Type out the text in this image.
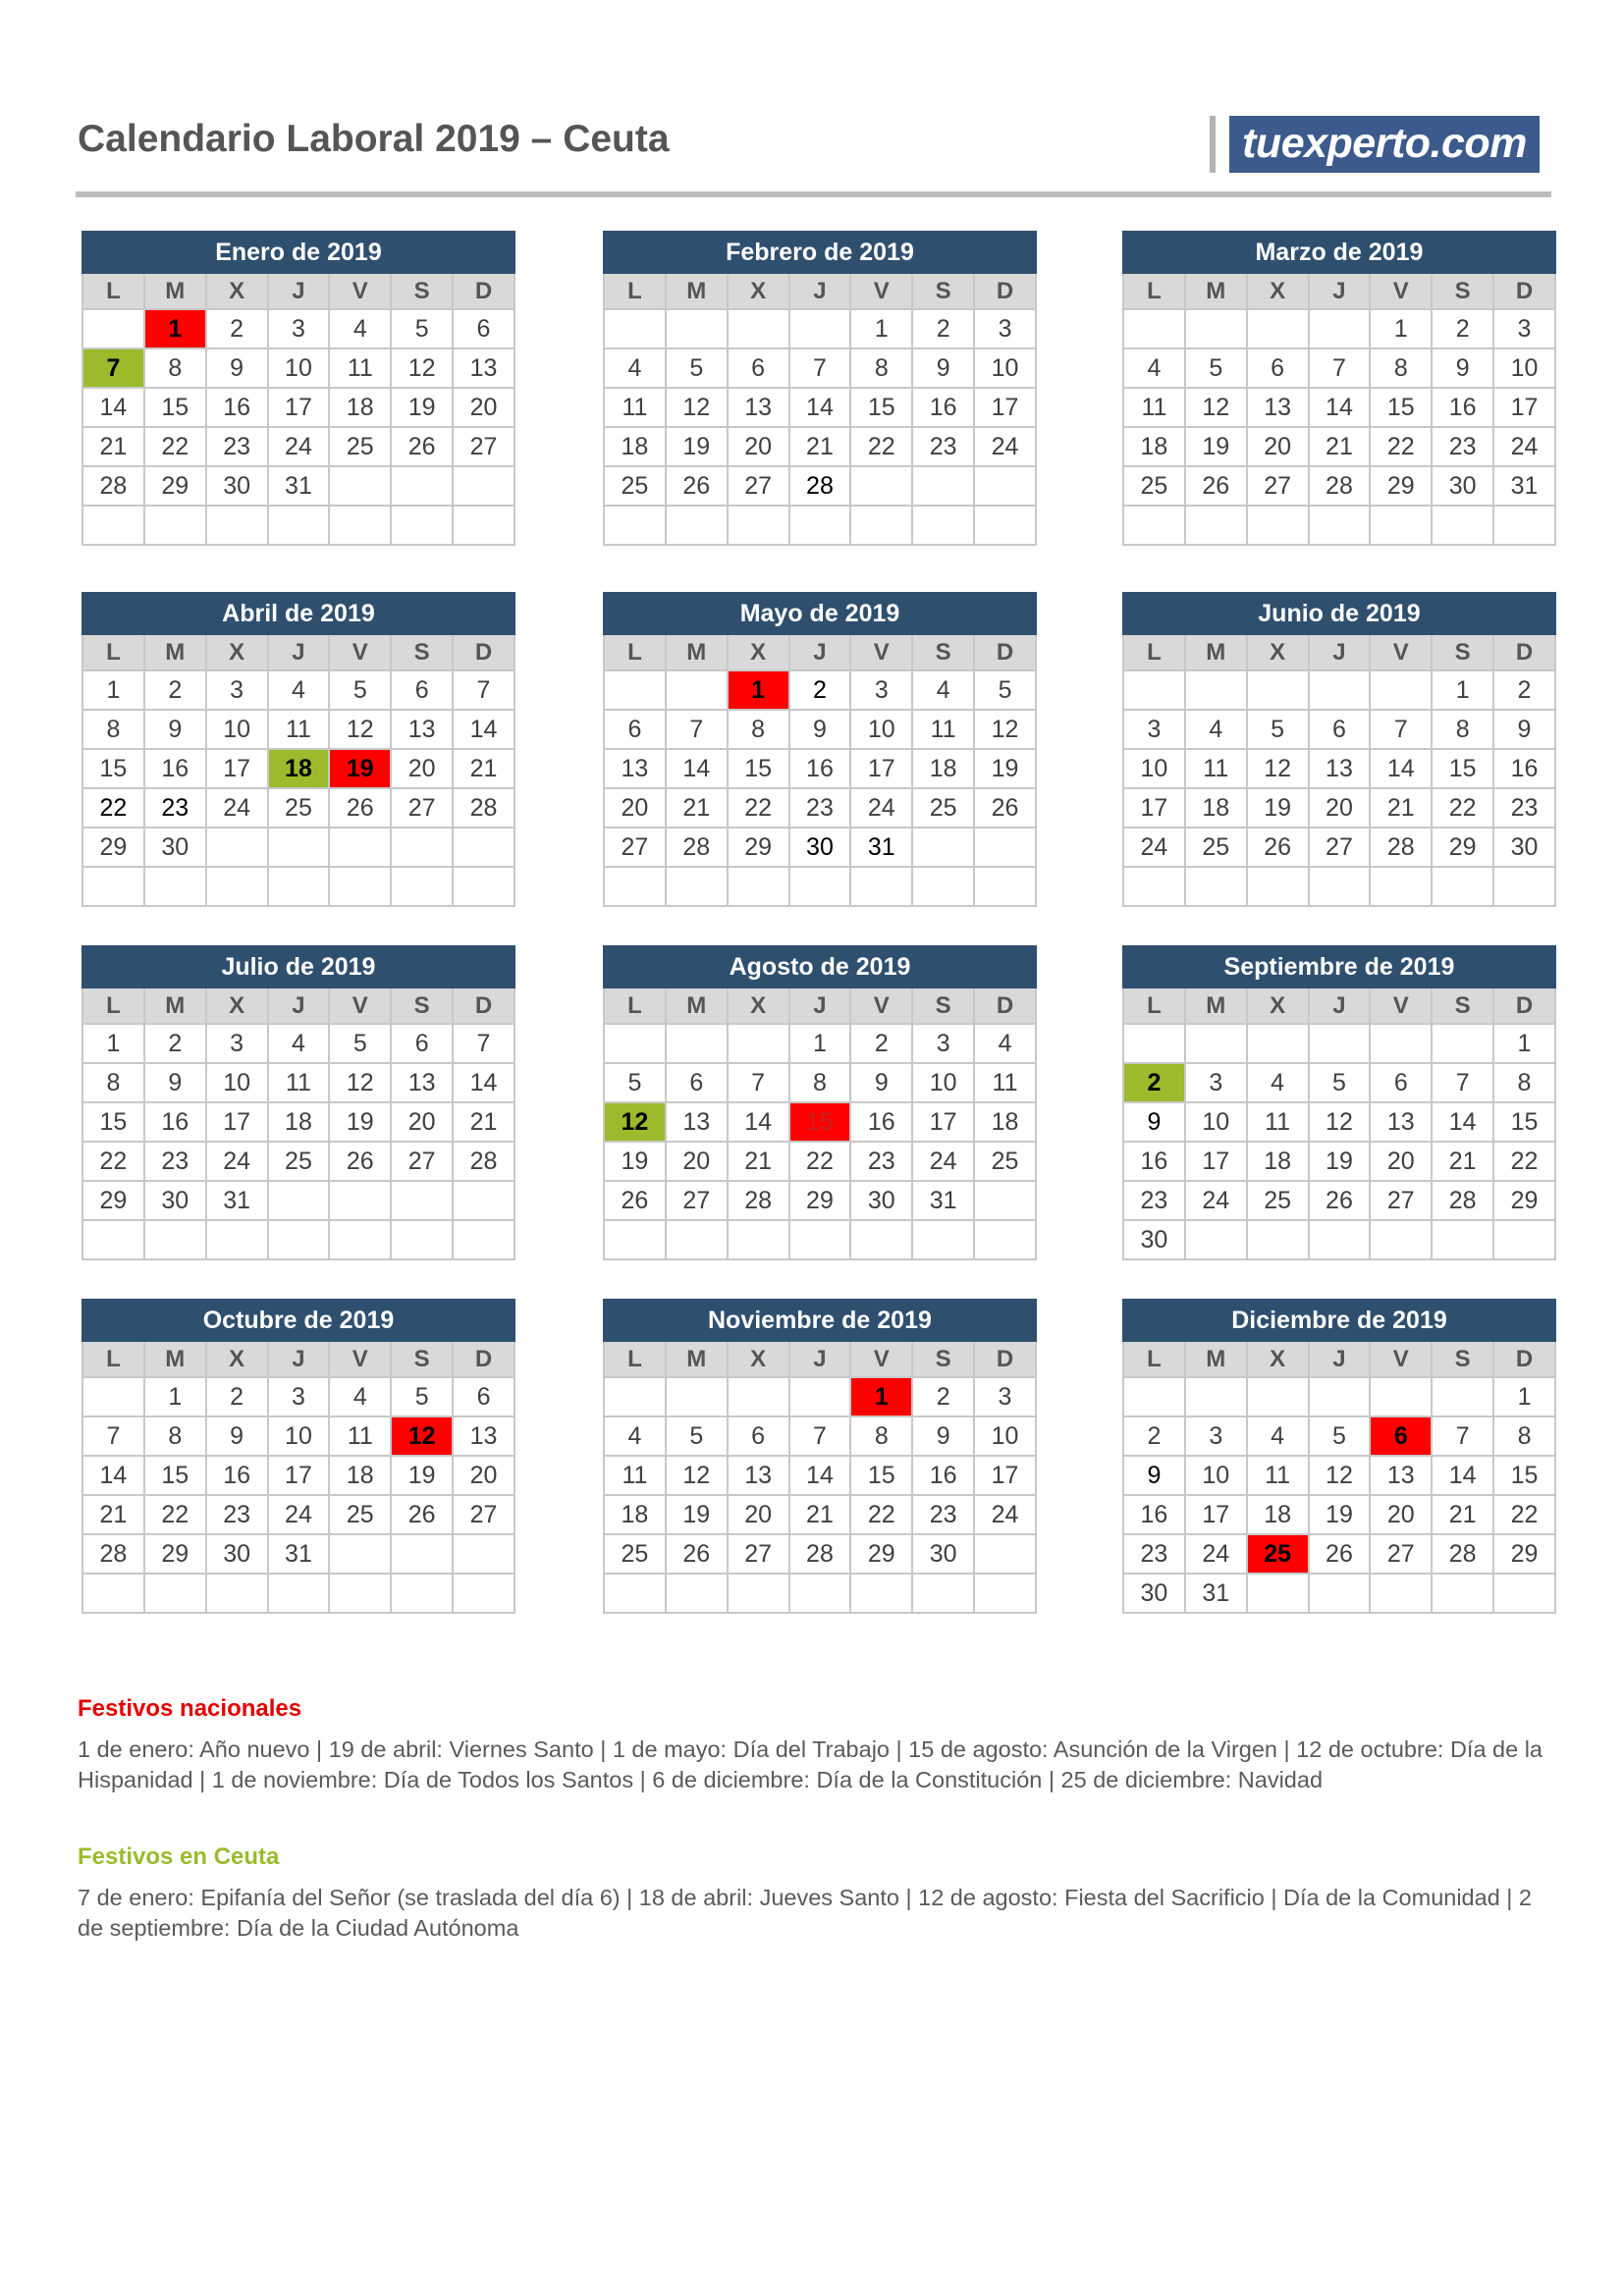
Calendario Laboral 2019 – Ceuta	tuexperto.com
Enero de 2019						
L	M	X	J	V	S	D
	1	2	3	4	5	6
7	8	9	10	11	12	13
14	15	16	17	18	19	20
21	22	23	24	25	26	27
28	29	30	31			

Febrero de 2019						
L	M	X	J	V	S	D
				1	2	3
4	5	6	7	8	9	10
11	12	13	14	15	16	17
18	19	20	21	22	23	24
25	26	27	28			

Marzo de 2019						
L	M	X	J	V	S	D
				1	2	3
4	5	6	7	8	9	10
11	12	13	14	15	16	17
18	19	20	21	22	23	24
25	26	27	28	29	30	31

Abril de 2019						
L	M	X	J	V	S	D
1	2	3	4	5	6	7
8	9	10	11	12	13	14
15	16	17	18	19	20	21
22	23	24	25	26	27	28
29	30					

Mayo de 2019						
L	M	X	J	V	S	D
		1	2	3	4	5
6	7	8	9	10	11	12
13	14	15	16	17	18	19
20	21	22	23	24	25	26
27	28	29	30	31		

Junio de 2019						
L	M	X	J	V	S	D
					1	2
3	4	5	6	7	8	9
10	11	12	13	14	15	16
17	18	19	20	21	22	23
24	25	26	27	28	29	30

Julio de 2019						
L	M	X	J	V	S	D
1	2	3	4	5	6	7
8	9	10	11	12	13	14
15	16	17	18	19	20	21
22	23	24	25	26	27	28
29	30	31				

Agosto de 2019						
L	M	X	J	V	S	D
			1	2	3	4
5	6	7	8	9	10	11
12	13	14	15	16	17	18
19	20	21	22	23	24	25
26	27	28	29	30	31	

Septiembre de 2019						
L	M	X	J	V	S	D
						1
2	3	4	5	6	7	8
9	10	11	12	13	14	15
16	17	18	19	20	21	22
23	24	25	26	27	28	29
30						
Octubre de 2019						
L	M	X	J	V	S	D
	1	2	3	4	5	6
7	8	9	10	11	12	13
14	15	16	17	18	19	20
21	22	23	24	25	26	27
28	29	30	31			

Noviembre de 2019						
L	M	X	J	V	S	D
				1	2	3
4	5	6	7	8	9	10
11	12	13	14	15	16	17
18	19	20	21	22	23	24
25	26	27	28	29	30	

Diciembre de 2019						
L	M	X	J	V	S	D
						1
2	3	4	5	6	7	8
9	10	11	12	13	14	15
16	17	18	19	20	21	22
23	24	25	26	27	28	29
30	31					
Festivos nacionales

1 de enero: Año nuevo | 19 de abril: Viernes Santo | 1 de mayo: Día del Trabajo | 15 de agosto: Asunción de la Virgen | 12 de octubre: Día de la Hispanidad | 1 de noviembre: Día de Todos los Santos | 6 de diciembre: Día de la Constitución | 25 de diciembre: Navidad

Festivos en Ceuta

7 de enero: Epifanía del Señor (se traslada del día 6) | 18 de abril: Jueves Santo | 12 de agosto: Fiesta del Sacrificio | Día de la Comunidad | 2 de septiembre: Día de la Ciudad Autónoma
